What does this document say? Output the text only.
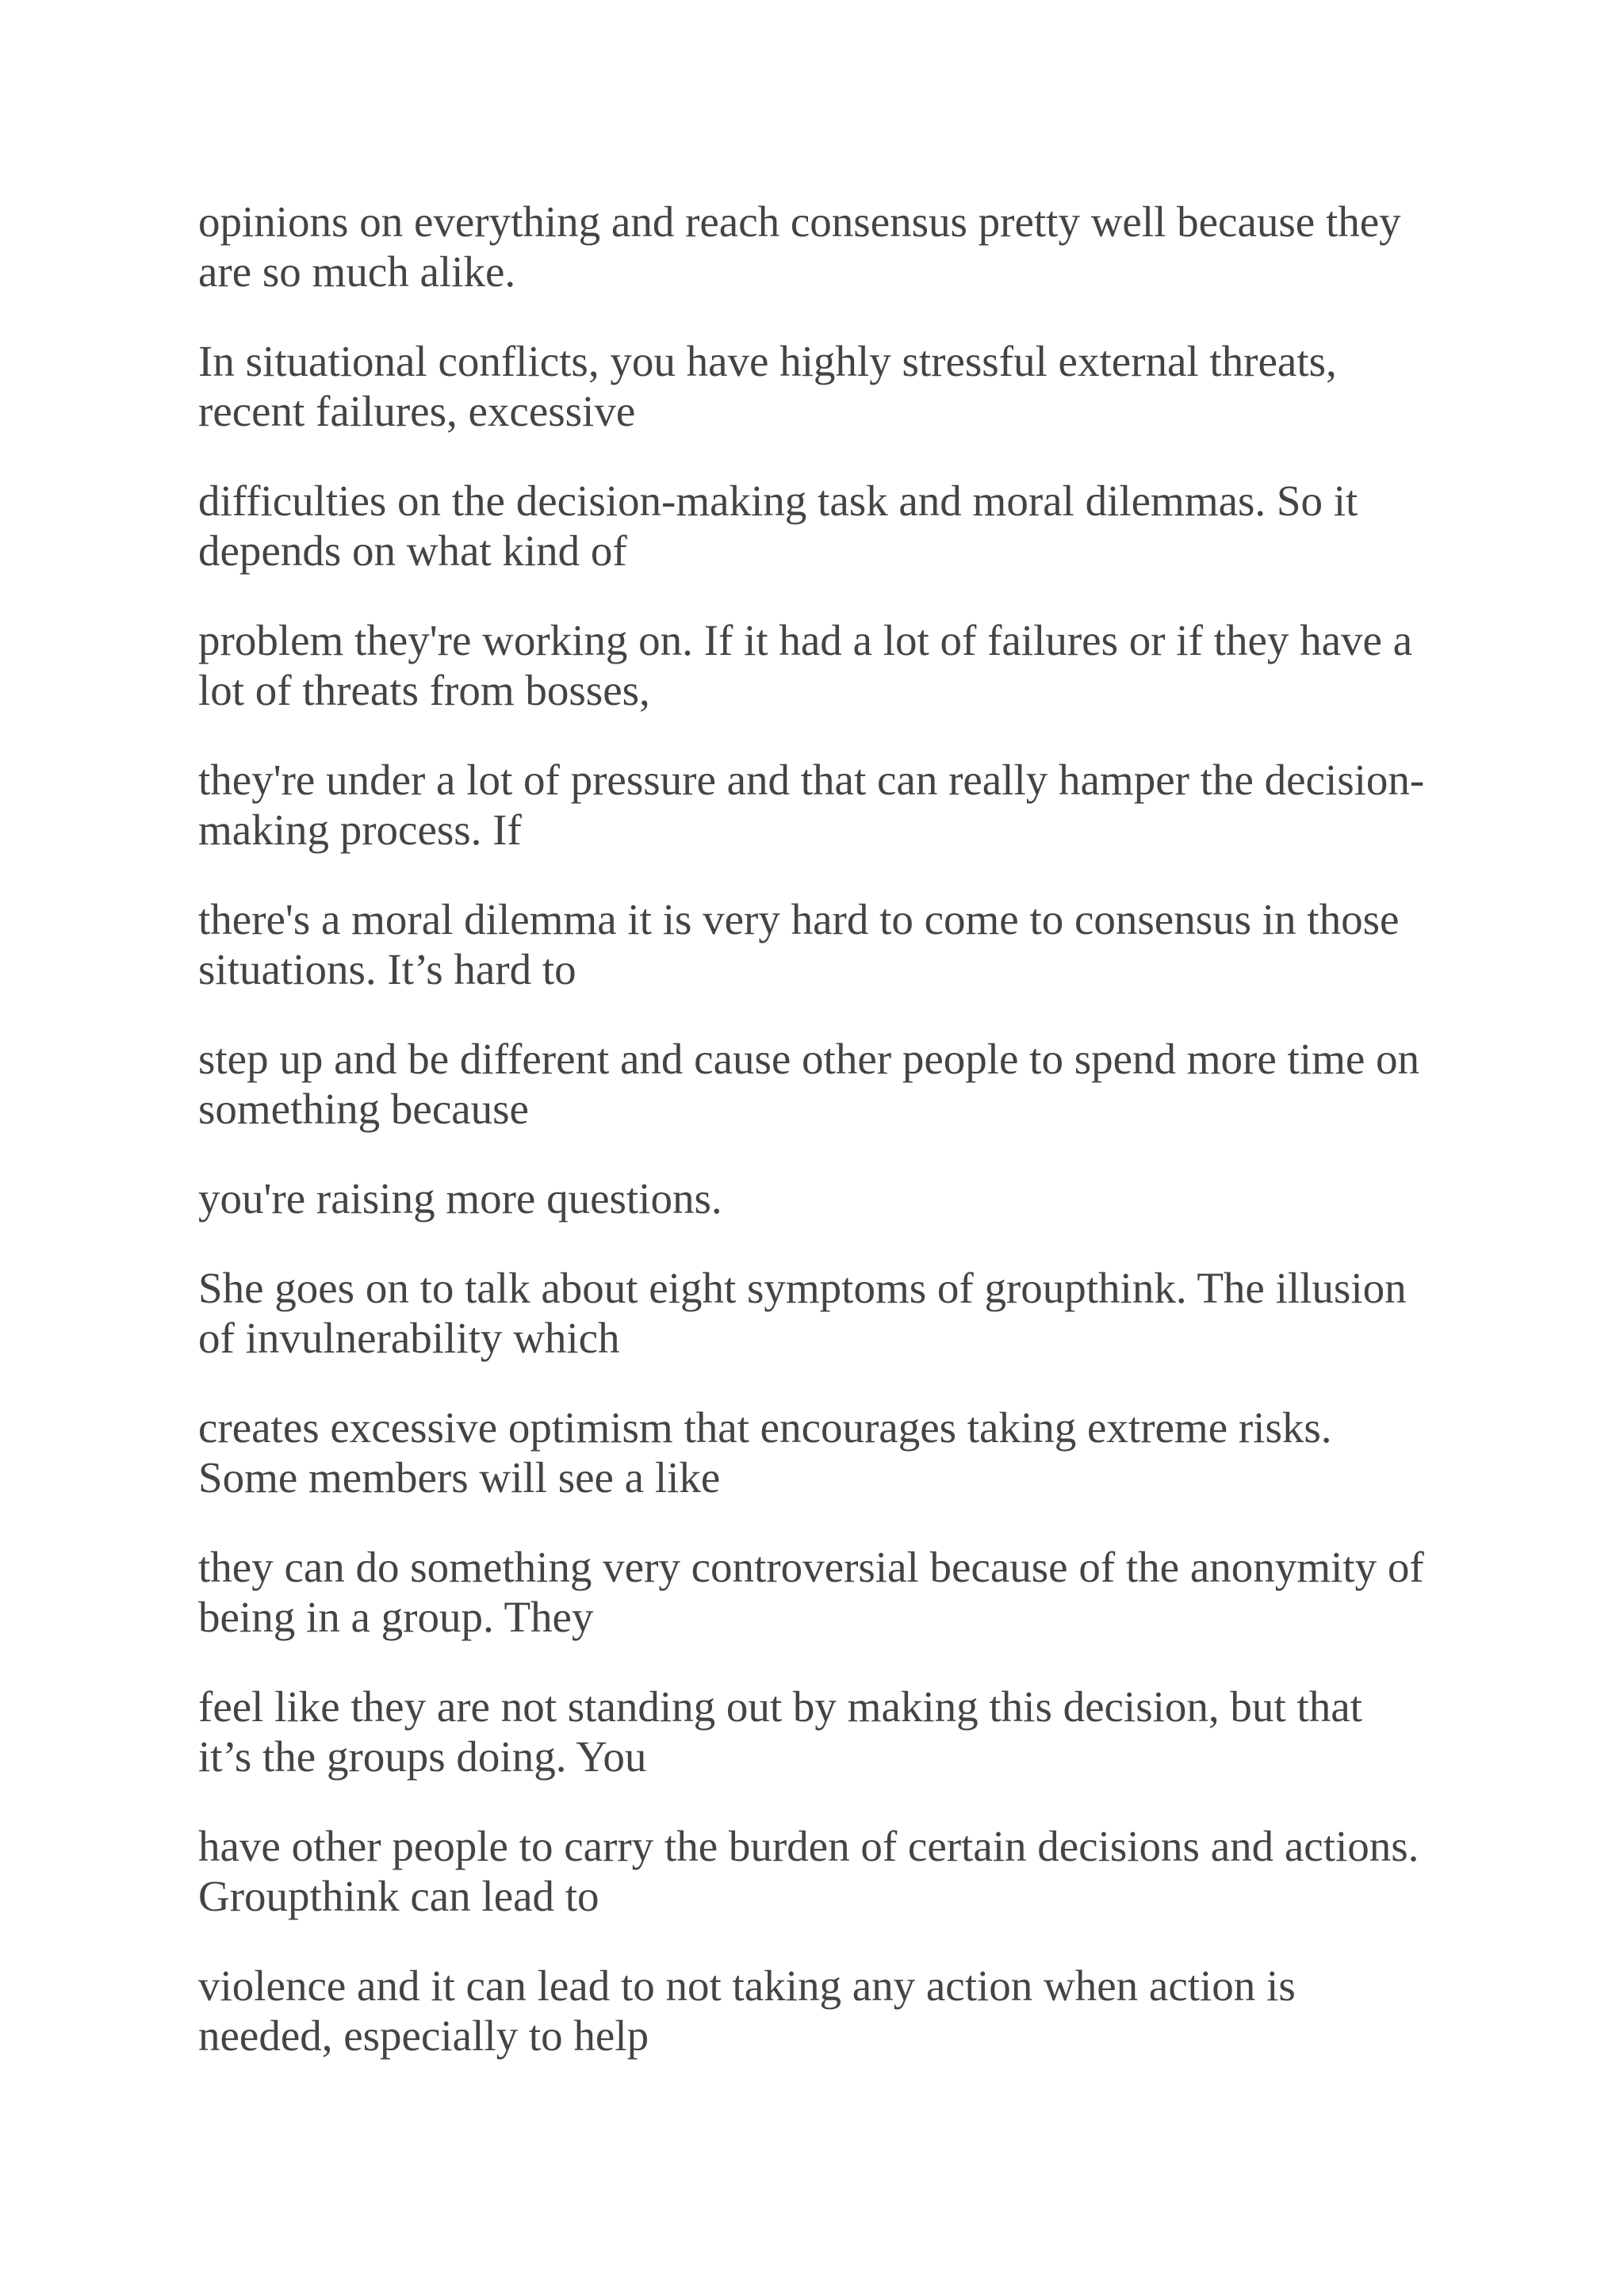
opinions on everything and reach consensus pretty well because they
are so much alike.

In situational conflicts, you have highly stressful external threats,
recent failures, excessive

difficulties on the decision-making task and moral dilemmas. So it
depends on what kind of

problem they're working on. If it had a lot of failures or if they have a
lot of threats from bosses,

they're under a lot of pressure and that can really hamper the decision-
making process. If

there's a moral dilemma it is very hard to come to consensus in those
situations. It’s hard to

step up and be different and cause other people to spend more time on
something because

you're raising more questions.

She goes on to talk about eight symptoms of groupthink. The illusion
of invulnerability which

creates excessive optimism that encourages taking extreme risks.
Some members will see a like

they can do something very controversial because of the anonymity of
being in a group. They

feel like they are not standing out by making this decision, but that
it’s the groups doing. You

have other people to carry the burden of certain decisions and actions.
Groupthink can lead to

violence and it can lead to not taking any action when action is
needed, especially to help
